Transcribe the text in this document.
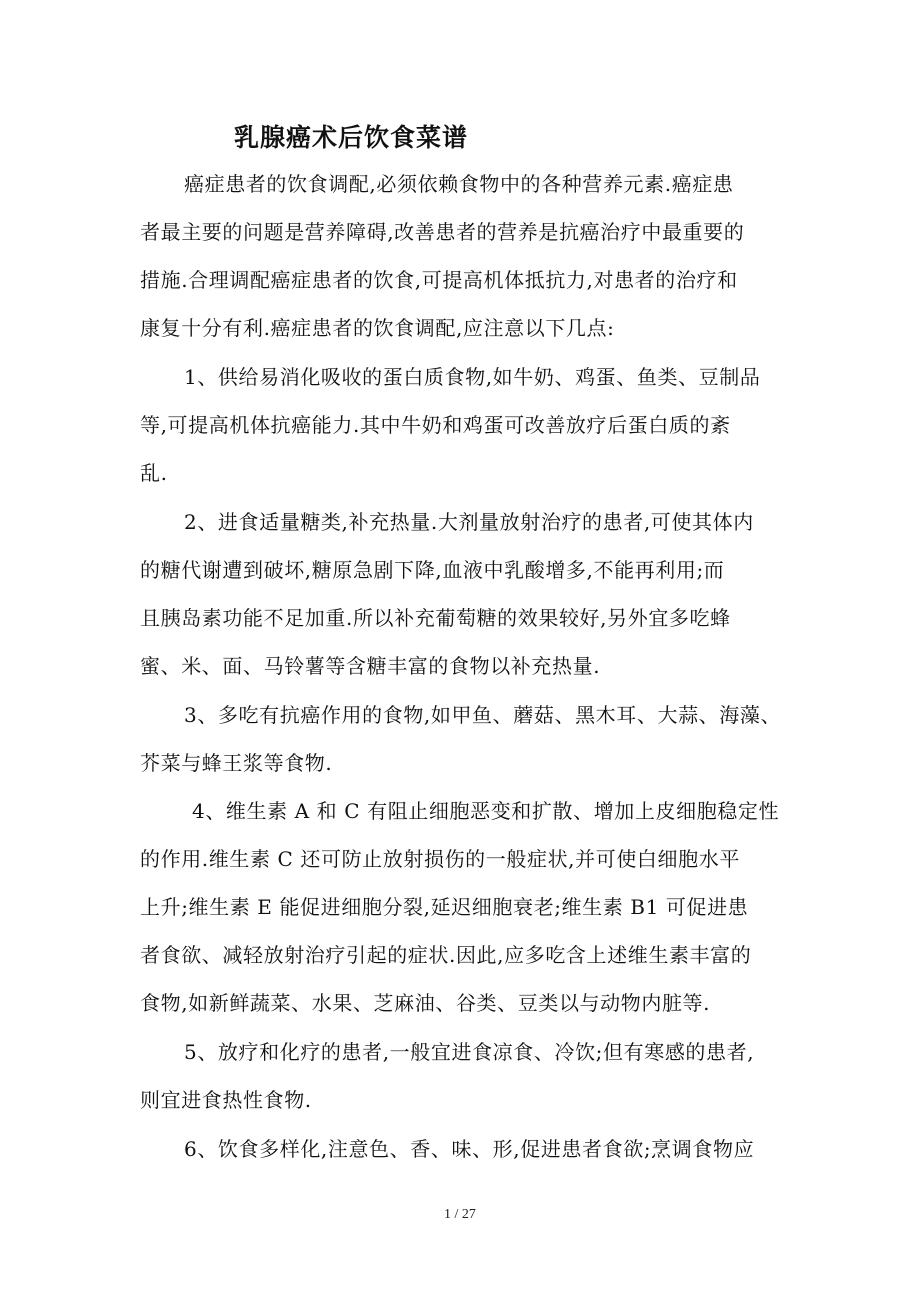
乳腺癌术后饮食菜谱
癌症患者的饮食调配,必须依赖食物中的各种营养元素.癌症患
者最主要的问题是营养障碍,改善患者的营养是抗癌治疗中最重要的
措施.合理调配癌症患者的饮食,可提高机体抵抗力,对患者的治疗和
康复十分有利.癌症患者的饮食调配,应注意以下几点:
1、供给易消化吸收的蛋白质食物,如牛奶、鸡蛋、鱼类、豆制品
等,可提高机体抗癌能力.其中牛奶和鸡蛋可改善放疗后蛋白质的紊
乱.
2、进食适量糖类,补充热量.大剂量放射治疗的患者,可使其体内
的糖代谢遭到破坏,糖原急剧下降,血液中乳酸增多,不能再利用;而
且胰岛素功能不足加重.所以补充葡萄糖的效果较好,另外宜多吃蜂
蜜、米、面、马铃薯等含糖丰富的食物以补充热量.
3、多吃有抗癌作用的食物,如甲鱼、蘑菇、黑木耳、大蒜、海藻、
芥菜与蜂王浆等食物.
4、维生素 A 和 C 有阻止细胞恶变和扩散、增加上皮细胞稳定性
的作用.维生素 C 还可防止放射损伤的一般症状,并可使白细胞水平
上升;维生素 E 能促进细胞分裂,延迟细胞衰老;维生素 B1 可促进患
者食欲、减轻放射治疗引起的症状.因此,应多吃含上述维生素丰富的
食物,如新鲜蔬菜、水果、芝麻油、谷类、豆类以与动物内脏等.
5、放疗和化疗的患者,一般宜进食凉食、冷饮;但有寒感的患者,
则宜进食热性食物.
6、饮食多样化,注意色、香、味、形,促进患者食欲;烹调食物应
1 / 27
